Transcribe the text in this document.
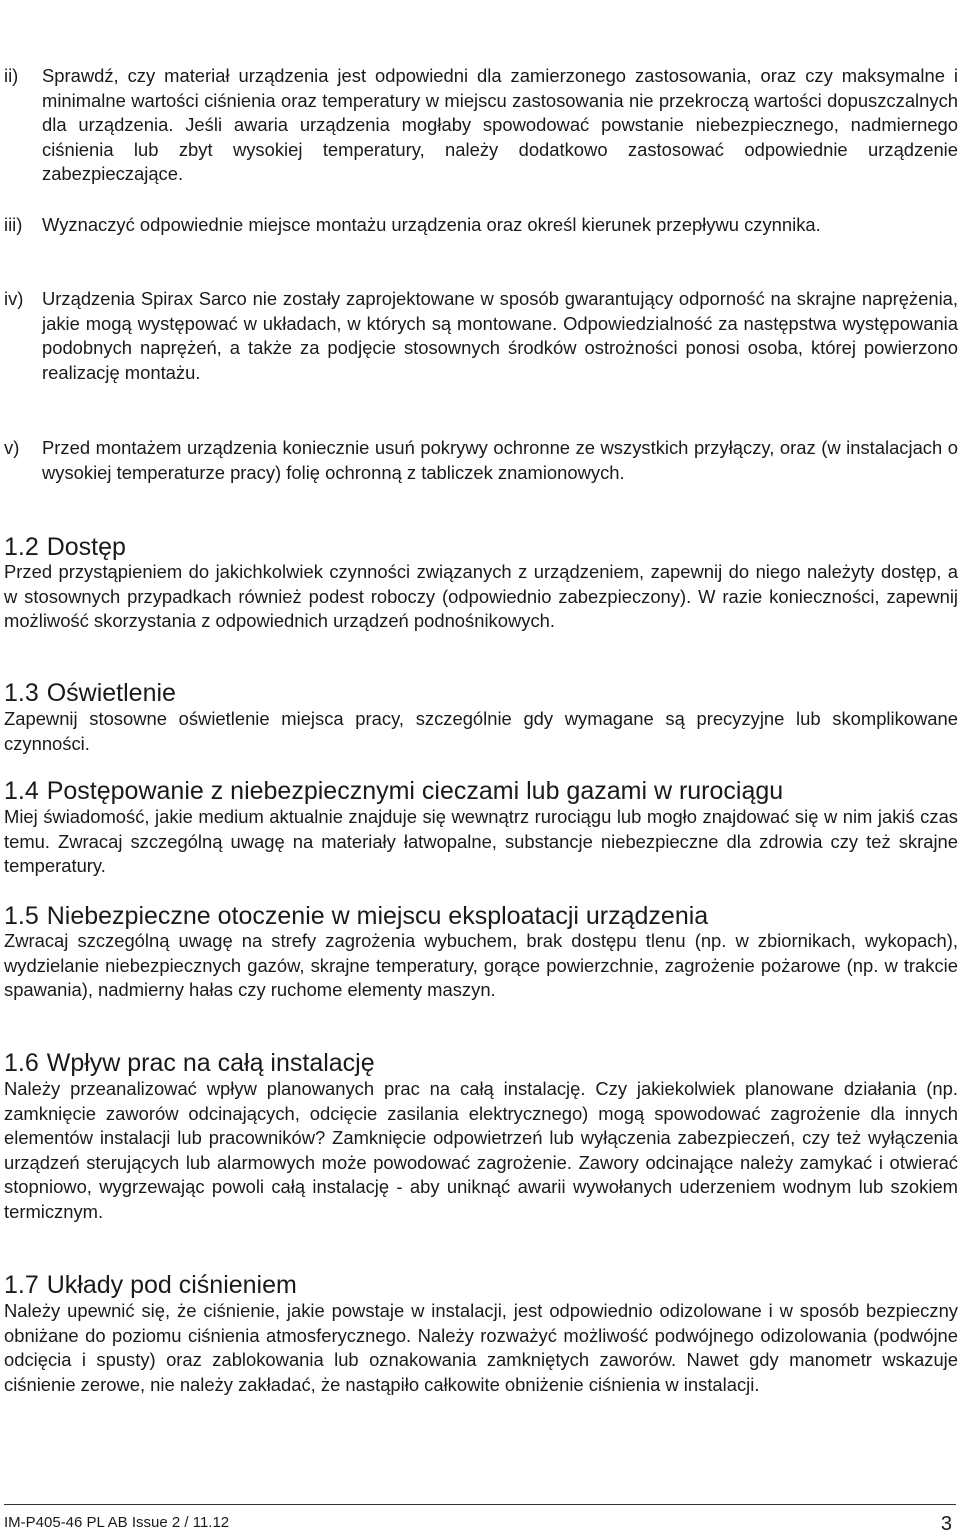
ii)	Sprawdź, czy materiał urządzenia jest odpowiedni dla zamierzonego zastosowania, oraz czy maksymalne i minimalne wartości ciśnienia oraz temperatury w miejscu zastosowania nie przekroczą wartości dopuszczalnych dla urządzenia. Jeśli awaria urządzenia mogłaby spowodować powstanie niebezpiecznego, nadmiernego ciśnienia lub zbyt wysokiej temperatury, należy dodatkowo zastosować odpowiednie urządzenie zabezpieczające.
iii)	Wyznaczyć odpowiednie miejsce montażu urządzenia oraz określ kierunek przepływu czynnika.
iv)	Urządzenia Spirax Sarco nie zostały zaprojektowane w sposób gwarantujący odporność na skrajne naprężenia, jakie mogą występować w układach, w których są montowane. Odpowiedzialność za następstwa występowania podobnych naprężeń, a także za podjęcie stosownych środków ostrożności ponosi osoba, której powierzono realizację montażu.
v)	Przed montażem urządzenia koniecznie usuń pokrywy ochronne ze wszystkich przyłączy, oraz (w instalacjach o wysokiej temperaturze pracy) folię ochronną z tabliczek znamionowych.
1.2 Dostęp
Przed przystąpieniem do jakichkolwiek czynności związanych z urządzeniem, zapewnij do niego należyty dostęp, a w stosownych przypadkach również podest roboczy (odpowiednio zabezpieczony). W razie konieczności, zapewnij możliwość skorzystania z odpowiednich urządzeń podnośnikowych.
1.3 Oświetlenie
Zapewnij stosowne oświetlenie miejsca pracy, szczególnie gdy wymagane są precyzyjne lub skomplikowane czynności.
1.4 Postępowanie z niebezpiecznymi cieczami lub gazami w rurociągu
Miej świadomość, jakie medium aktualnie znajduje się wewnątrz rurociągu lub mogło znajdować się w nim jakiś czas temu. Zwracaj szczególną uwagę na materiały łatwopalne, substancje niebezpieczne dla zdrowia czy też skrajne temperatury.
1.5 Niebezpieczne otoczenie w miejscu eksploatacji urządzenia
Zwracaj szczególną uwagę na strefy zagrożenia wybuchem, brak dostępu tlenu (np. w zbiornikach, wykopach), wydzielanie niebezpiecznych gazów, skrajne temperatury, gorące powierzchnie, zagrożenie pożarowe (np. w trakcie spawania), nadmierny hałas czy ruchome elementy maszyn.
1.6 Wpływ prac na całą instalację
Należy przeanalizować wpływ planowanych prac na całą instalację. Czy jakiekolwiek planowane działania (np. zamknięcie zaworów odcinających, odcięcie zasilania elektrycznego) mogą spowodować zagrożenie dla innych elementów instalacji lub pracowników? Zamknięcie odpowietrzeń lub wyłączenia zabezpieczeń, czy też wyłączenia urządzeń sterujących lub alarmowych może powodować zagrożenie. Zawory odcinające należy zamykać i otwierać stopniowo, wygrzewając powoli całą instalację - aby uniknąć awarii wywołanych uderzeniem wodnym lub szokiem termicznym.
1.7 Układy pod ciśnieniem
Należy upewnić się, że ciśnienie, jakie powstaje w instalacji, jest odpowiednio odizolowane i w sposób bezpieczny obniżane do poziomu ciśnienia atmosferycznego. Należy rozważyć możliwość podwójnego odizolowania (podwójne odcięcia i spusty) oraz zablokowania lub oznakowania zamkniętych zaworów. Nawet gdy manometr wskazuje ciśnienie zerowe, nie należy zakładać, że nastąpiło całkowite obniżenie ciśnienia w instalacji.
IM-P405-46 PL AB Issue 2 / 11.12	3
